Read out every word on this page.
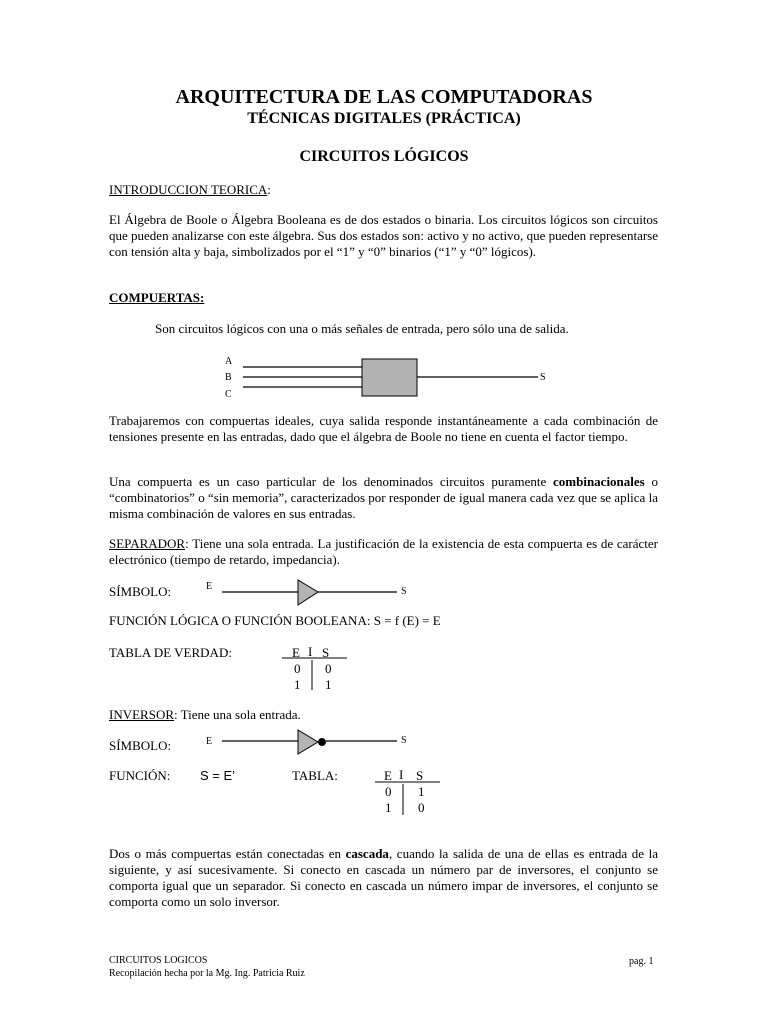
ARQUITECTURA DE LAS COMPUTADORAS
TÉCNICAS DIGITALES (PRÁCTICA)
CIRCUITOS LÓGICOS
INTRODUCCION TEORICA:
El Álgebra de Boole o Álgebra Booleana es de dos estados o binaria. Los circuitos lógicos son circuitos que pueden analizarse con este álgebra. Sus dos estados son: activo y no activo, que pueden representarse con tensión alta y baja, simbolizados por el “1” y “0” binarios (“1” y “0” lógicos).
COMPUERTAS:
Son circuitos lógicos con una o más señales de entrada, pero sólo una de salida.
A
B
C
S
Trabajaremos con compuertas ideales, cuya salida responde instantáneamente a cada combinación de tensiones presente en las entradas, dado que el álgebra de Boole no tiene en cuenta el factor tiempo.
Una compuerta es un caso particular de los denominados circuitos puramente combinacionales o “combinatorios” o “sin memoria”, caracterizados por responder de igual manera cada vez que se aplica la misma combinación de valores en sus entradas.
SEPARADOR: Tiene una sola entrada. La justificación de la existencia de esta compuerta es de carácter electrónico (tiempo de retardo, impedancia).
SÍMBOLO:	E	S
FUNCIÓN LÓGICA O FUNCIÓN BOOLEANA: S = f (E) = E
TABLA DE VERDAD:	E I S
0 0
1 1
INVERSOR: Tiene una sola entrada.
SÍMBOLO:	E	S
FUNCIÓN: S = E’	TABLA:	E I S
0 1
1 0
Dos o más compuertas están conectadas en cascada, cuando la salida de una de ellas es entrada de la siguiente, y así sucesivamente. Si conecto en cascada un número par de inversores, el conjunto se comporta igual que un separador. Si conecto en cascada un número impar de inversores, el conjunto se comporta como un solo inversor.
CIRCUITOS LOGICOS
Recopilación hecha por la Mg. Ing. Patricia Ruiz
pag. 1
